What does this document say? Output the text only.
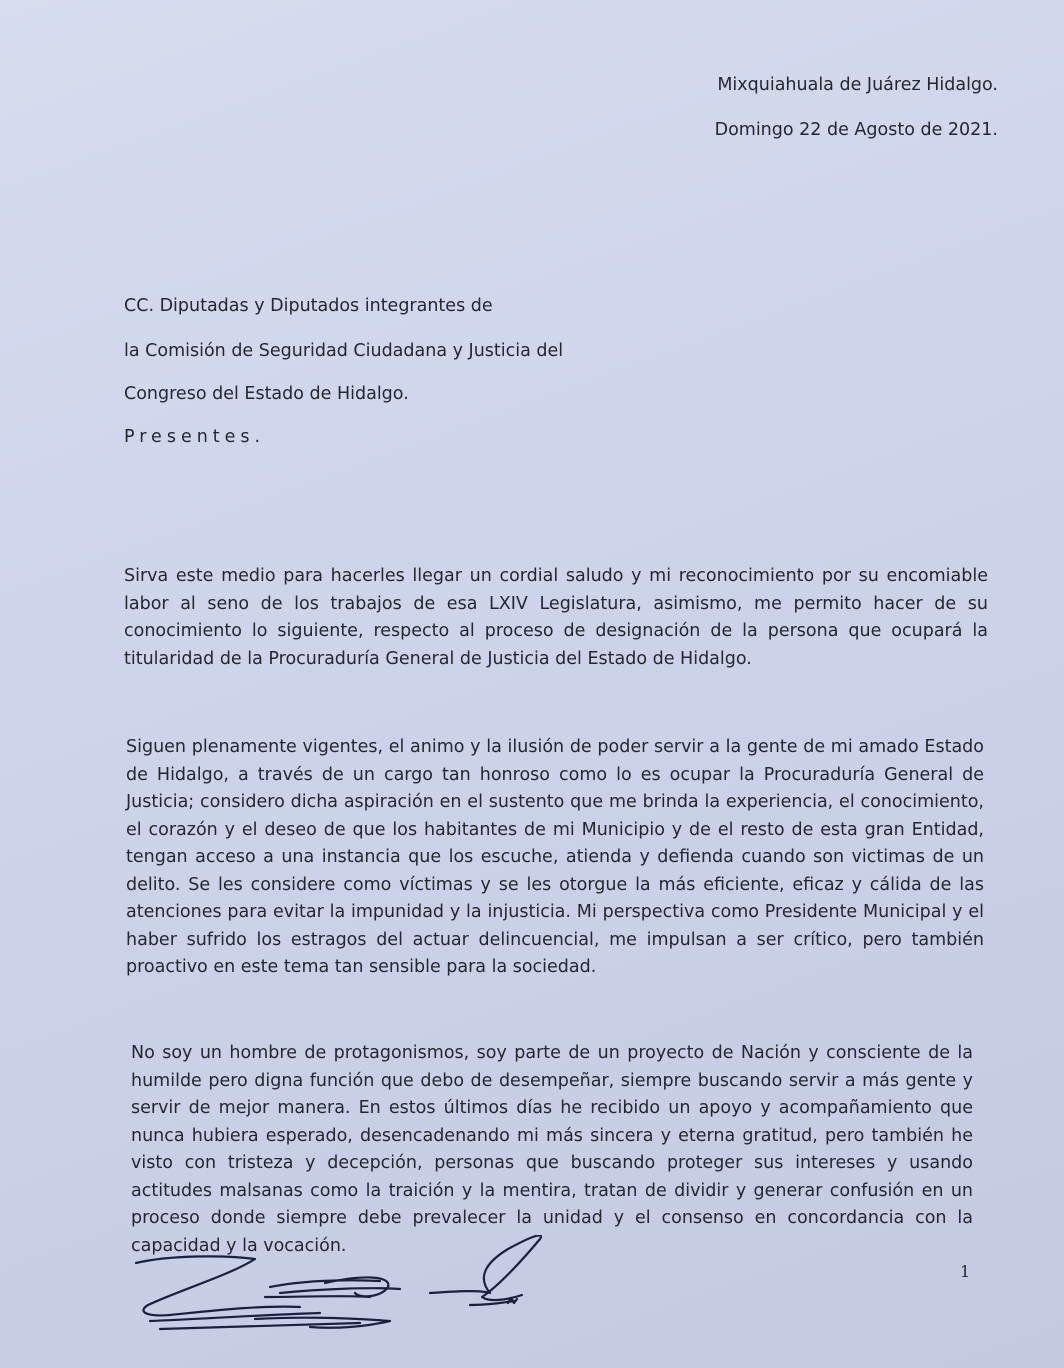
Mixquiahuala de Juárez Hidalgo.
Domingo 22 de Agosto de 2021.
CC. Diputadas y Diputados integrantes de
la Comisión de Seguridad Ciudadana y Justicia del
Congreso del Estado de Hidalgo.
Presentes.

Sirva este medio para hacerles llegar un cordial saludo y mi reconocimiento por su encomiable labor al seno de los trabajos de esa LXIV Legislatura, asimismo, me permito hacer de su conocimiento lo siguiente, respecto al proceso de designación de la persona que ocupará la titularidad de la Procuraduría General de Justicia del Estado de Hidalgo.

Siguen plenamente vigentes, el animo y la ilusión de poder servir a la gente de mi amado Estado de Hidalgo, a través de un cargo tan honroso como lo es ocupar la Procuraduría General de Justicia; considero dicha aspiración en el sustento que me brinda la experiencia, el conocimiento, el corazón y el deseo de que los habitantes de mi Municipio y de el resto de esta gran Entidad, tengan acceso a una instancia que los escuche, atienda y defienda cuando son victimas de un delito. Se les considere como víctimas y se les otorgue la más eficiente, eficaz y cálida de las atenciones para evitar la impunidad y la injusticia. Mi perspectiva como Presidente Municipal y el haber sufrido los estragos del actuar delincuencial, me impulsan a ser crítico, pero también proactivo en este tema tan sensible para la sociedad.

No soy un hombre de protagonismos, soy parte de un proyecto de Nación y consciente de la humilde pero digna función que debo de desempeñar, siempre buscando servir a más gente y servir de mejor manera. En estos últimos días he recibido un apoyo y acompañamiento que nunca hubiera esperado, desencadenando mi más sincera y eterna gratitud, pero también he visto con tristeza y decepción, personas que buscando proteger sus intereses y usando actitudes malsanas como la traición y la mentira, tratan de dividir y generar confusión en un proceso donde siempre debe prevalecer la unidad y el consenso en concordancia con la capacidad y la vocación.

1
